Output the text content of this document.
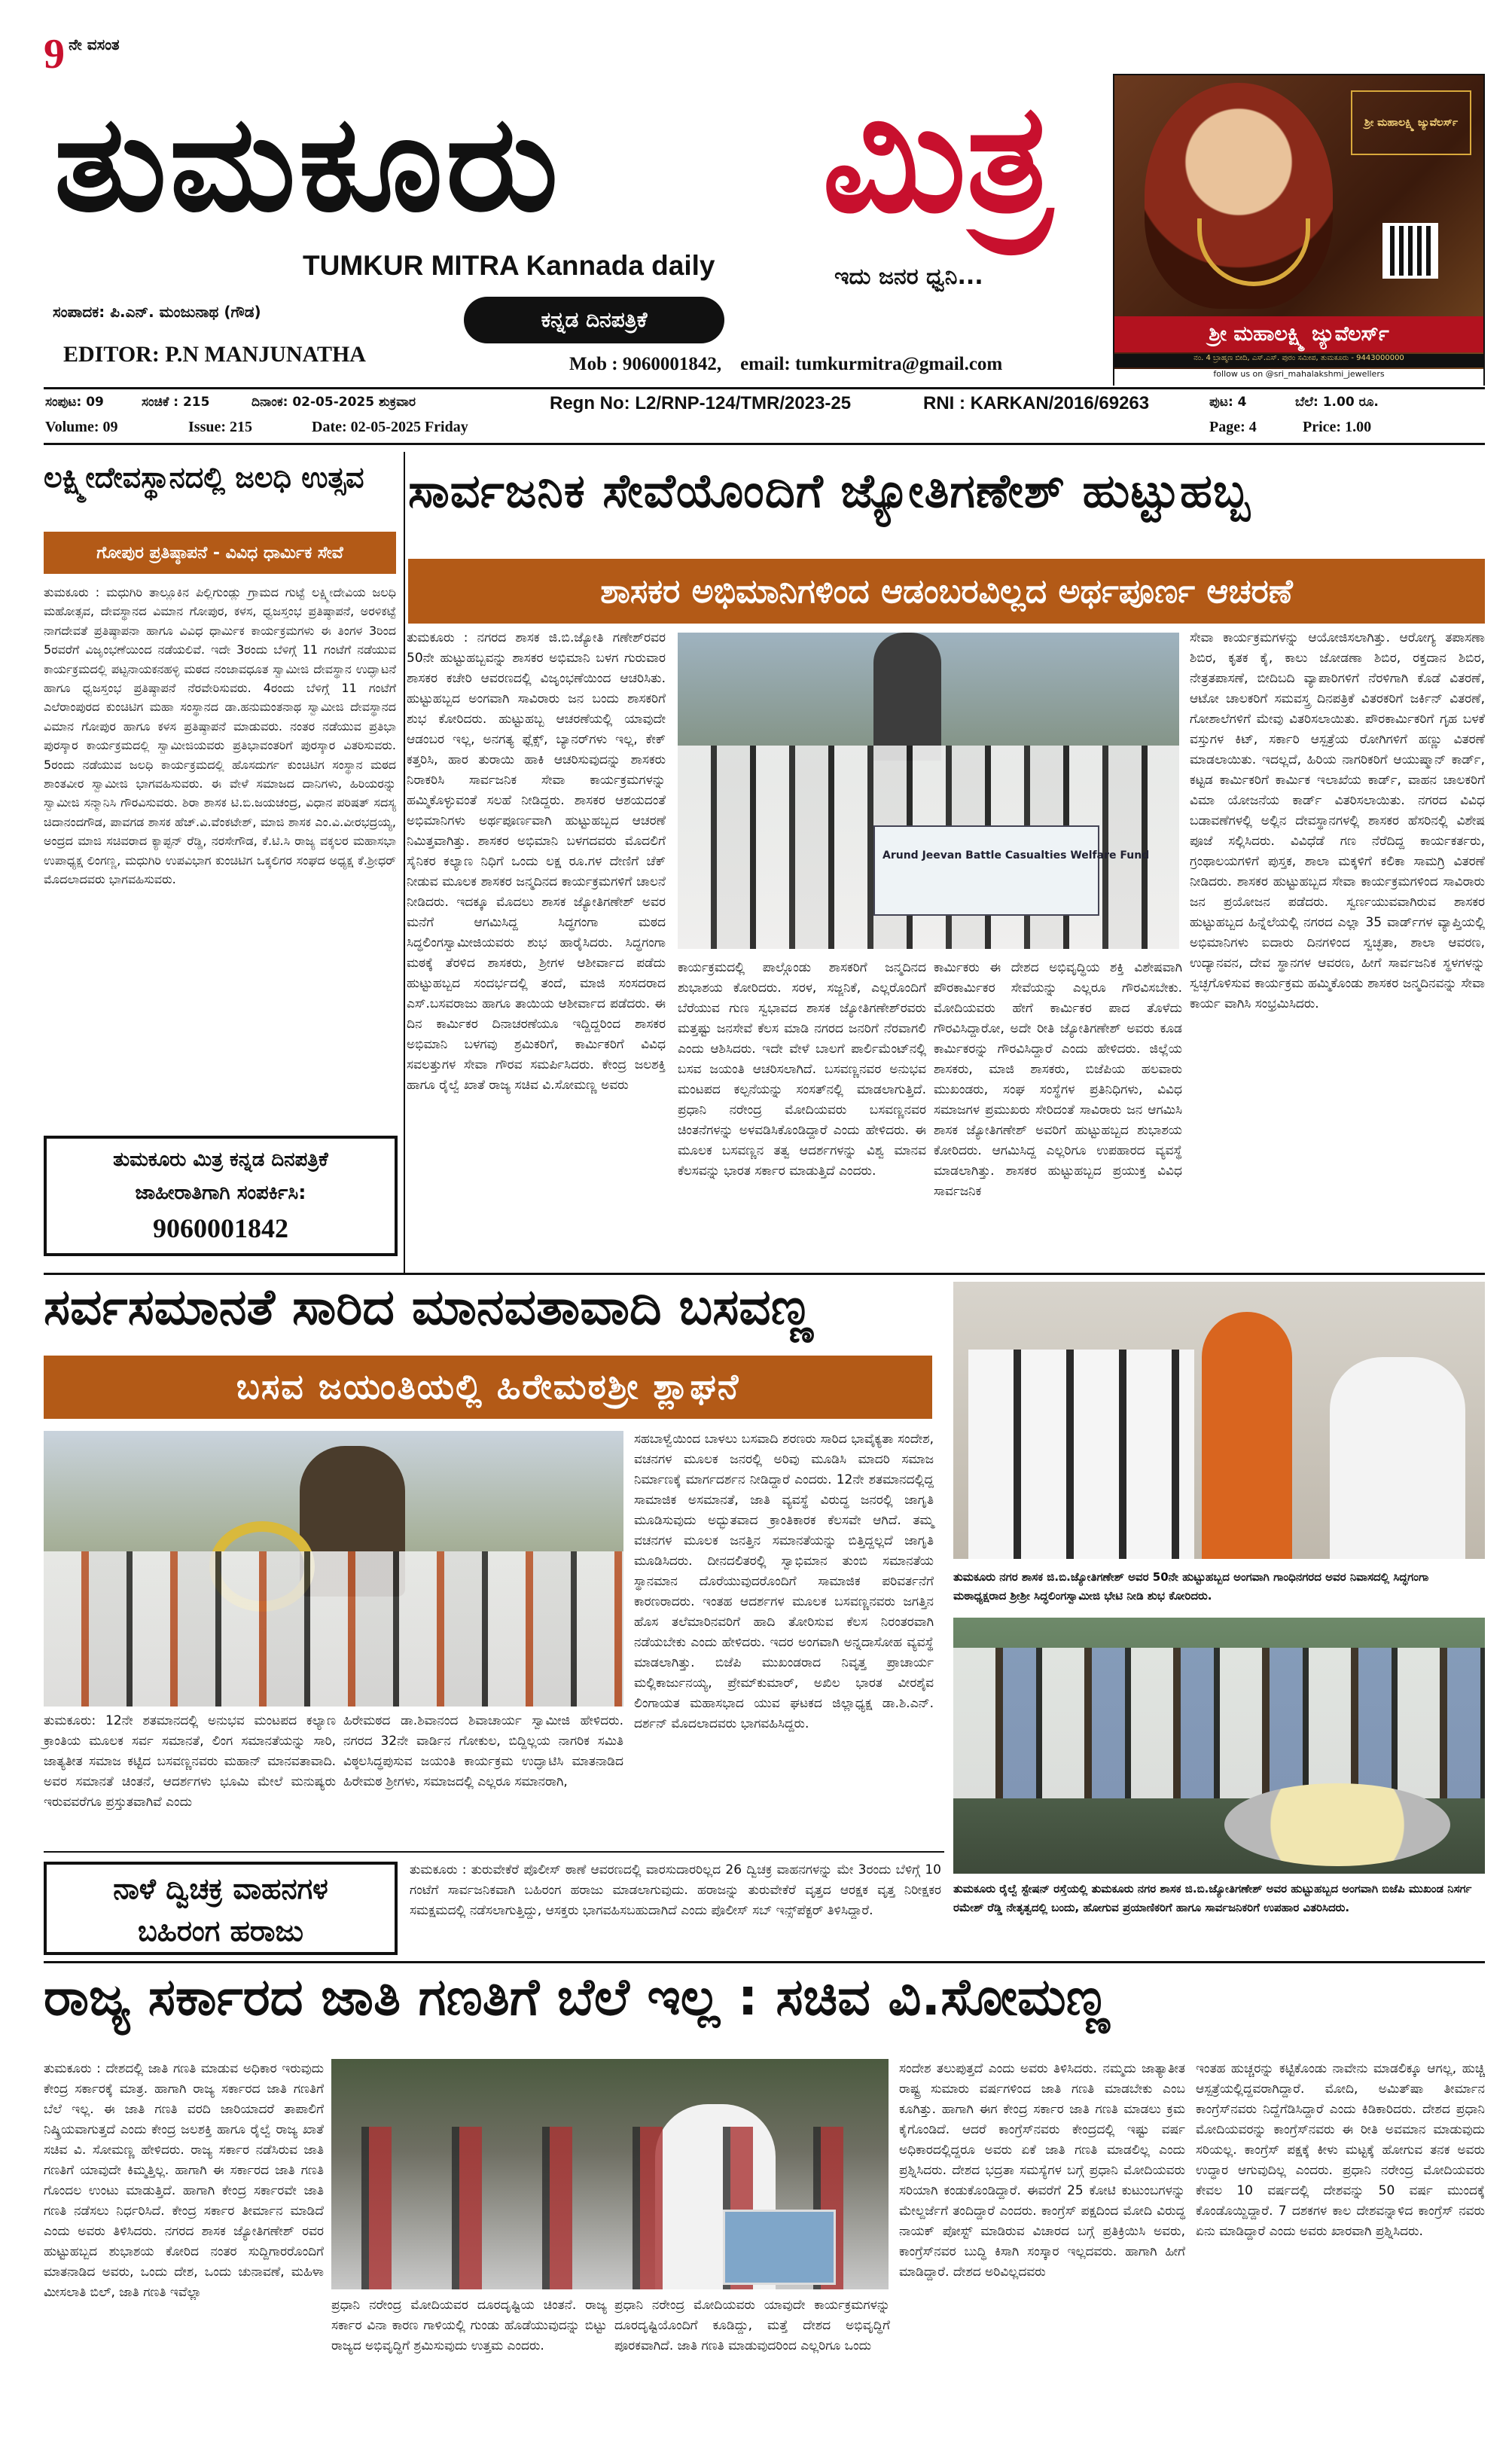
9 ನೇ ವಸಂತ
ತುಮಕೂರು ಮಿತ್ರ
TUMKUR MITRA Kannada daily	ಇದು ಜನರ ಧ್ವನಿ...
ಸಂಪಾದಕ: ಪಿ.ಎನ್. ಮಂಜುನಾಥ (ಗೌಡ)	ಕನ್ನಡ ದಿನಪತ್ರಿಕೆ
EDITOR: P.N MANJUNATHA	Mob : 9060001842,    email: tumkurmitra@gmail.com
ಶ್ರೀ ಮಹಾಲಕ್ಷ್ಮಿ ಜ್ಯುವೆಲರ್ಸ್
ಶ್ರೀ ಮಹಾಲಕ್ಷ್ಮಿ ಜ್ಯುವೆಲರ್ಸ್
ನಂ. 4 ಬ್ರಾಹ್ಮಣ ಬೀದಿ, ಎಸ್.ಎಸ್. ಪುರಂ ಸಮೀಪ, ತುಮಕೂರು - 9443000000
follow us on @sri_mahalakshmi_jewellers
ಸಂಪುಟ: 09	ಸಂಚಿಕೆ : 215	ದಿನಾಂಕ: 02-05-2025 ಶುಕ್ರವಾರ	Regn No: L2/RNP-124/TMR/2023-25	RNI : KARKAN/2016/69263	ಪುಟ: 4	ಬೆಲೆ: 1.00 ರೂ.
Volume: 09	Issue: 215	Date: 02-05-2025 Friday	Page: 4	Price: 1.00
ಲಕ್ಷ್ಮೀದೇವಸ್ಥಾನದಲ್ಲಿ ಜಲಧಿ ಉತ್ಸವ
ಗೋಪುರ ಪ್ರತಿಷ್ಠಾಪನೆ - ವಿವಿಧ ಧಾರ್ಮಿಕ ಸೇವೆ
ತುಮಕೂರು : ಮಧುಗಿರಿ ತಾಲ್ಲೂಕಿನ ಪಿಲ್ಲಿಗುಂಡ್ಲು ಗ್ರಾಮದ ಗುಟ್ಟೆ ಲಕ್ಷ್ಮೀದೇವಿಯ ಜಲಧಿ ಮಹೋತ್ಸವ, ದೇವಸ್ಥಾನದ ವಿಮಾನ ಗೋಪುರ, ಕಳಸ, ಧ್ವಜಸ್ತಂಭ ಪ್ರತಿಷ್ಠಾಪನೆ, ಅರಳಿಕಟ್ಟೆ ನಾಗದೇವತೆ ಪ್ರತಿಷ್ಠಾಪನಾ ಹಾಗೂ ವಿವಿಧ ಧಾರ್ಮಿಕ ಕಾರ್ಯಕ್ರಮಗಳು ಈ ತಿಂಗಳ 3ರಿಂದ 5ರವರೆಗೆ ವಿಜೃಂಭಣೆಯಿಂದ ನಡೆಯಲಿವೆ. ಇದೇ 3ರಂದು ಬೆಳಿಗ್ಗೆ 11 ಗಂಟೆಗೆ ನಡೆಯುವ ಕಾರ್ಯಕ್ರಮದಲ್ಲಿ ಪಟ್ಟನಾಯಕನಹಳ್ಳಿ ಮಠದ ನಂಜಾವಧೂತ ಸ್ವಾಮೀಜಿ ದೇವಸ್ಥಾನ ಉದ್ಘಾಟನೆ ಹಾಗೂ ಧ್ವಜಸ್ತಂಭ ಪ್ರತಿಷ್ಠಾಪನೆ ನೆರವೇರಿಸುವರು. 4ರಂದು ಬೆಳಿಗ್ಗೆ 11 ಗಂಟೆಗೆ ಎಲೆರಾಂಪುರದ ಕುಂಚಿಟಿಗ ಮಹಾ ಸಂಸ್ಥಾನದ ಡಾ.ಹನುಮಂತನಾಥ ಸ್ವಾಮೀಜಿ ದೇವಸ್ಥಾನದ ವಿಮಾನ ಗೋಪುರ ಹಾಗೂ ಕಳಸ ಪ್ರತಿಷ್ಠಾಪನೆ ಮಾಡುವರು. ನಂತರ ನಡೆಯುವ ಪ್ರತಿಭಾ ಪುರಸ್ಕಾರ ಕಾರ್ಯಕ್ರಮದಲ್ಲಿ ಸ್ವಾಮೀಜಿಯವರು ಪ್ರತಿಭಾವಂತರಿಗೆ ಪುರಸ್ಕಾರ ವಿತರಿಸುವರು. 5ರಂದು ನಡೆಯುವ ಜಲಧಿ ಕಾರ್ಯಕ್ರಮದಲ್ಲಿ ಹೊಸದುರ್ಗ ಕುಂಚಿಟಿಗ ಸಂಸ್ಥಾನ ಮಠದ ಶಾಂತವೀರ ಸ್ವಾಮೀಜಿ ಭಾಗವಹಿಸುವರು. ಈ ವೇಳೆ ಸಮಾಜದ ದಾನಿಗಳು, ಹಿರಿಯರನ್ನು ಸ್ವಾಮೀಜಿ ಸನ್ಮಾನಿಸಿ ಗೌರವಿಸುವರು. ಶಿರಾ ಶಾಸಕ ಟಿ.ಬಿ.ಜಯಚಂದ್ರ, ವಿಧಾನ ಪರಿಷತ್ ಸದಸ್ಯ ಚಿದಾನಂದಗೌಡ, ಪಾವಗಡ ಶಾಸಕ ಹೆಚ್.ವಿ.ವೆಂಕಟೇಶ್, ಮಾಜಿ ಶಾಸಕ ಎಂ.ವಿ.ವೀರಭದ್ರಯ್ಯ, ಅಂದ್ರದ ಮಾಜಿ ಸಚಿವರಾದ ಕ್ಯಾಪ್ಟನ್ ರೆಡ್ಡಿ, ನರಸೇಗೌಡ, ಕೆ.ಟಿ.ಸಿ ರಾಜ್ಯ ವಕ್ಕಲರ ಮಹಾಸಭಾ ಉಪಾಧ್ಯಕ್ಷ ಲಿಂಗಣ್ಣ, ಮಧುಗಿರಿ ಉಪವಿಭಾಗ ಕುಂಚಿಟಿಗ ಒಕ್ಕಲಿಗರ ಸಂಘದ ಅಧ್ಯಕ್ಷ ಕೆ.ಶ್ರೀಧರ್ ಮೊದಲಾದವರು ಭಾಗವಹಿಸುವರು.
ತುಮಕೂರು ಮಿತ್ರ ಕನ್ನಡ ದಿನಪತ್ರಿಕೆ
ಜಾಹೀರಾತಿಗಾಗಿ ಸಂಪರ್ಕಿಸಿ:
9060001842
ಸಾರ್ವಜನಿಕ ಸೇವೆಯೊಂದಿಗೆ ಜ್ಯೋತಿಗಣೇಶ್ ಹುಟ್ಟುಹಬ್ಬ
ಶಾಸಕರ ಅಭಿಮಾನಿಗಳಿಂದ ಆಡಂಬರವಿಲ್ಲದ ಅರ್ಥಪೂರ್ಣ ಆಚರಣೆ
ತುಮಕೂರು : ನಗರದ ಶಾಸಕ ಜಿ.ಬಿ.ಜ್ಯೋತಿ ಗಣೇಶ್‌ರವರ 50ನೇ ಹುಟ್ಟುಹಬ್ಬವನ್ನು ಶಾಸಕರ ಅಭಿಮಾನಿ ಬಳಗ ಗುರುವಾರ ಶಾಸಕರ ಕಚೇರಿ ಆವರಣದಲ್ಲಿ ವಿಜೃಂಭಣೆಯಿಂದ ಆಚರಿಸಿತು. ಹುಟ್ಟುಹಬ್ಬದ ಅಂಗವಾಗಿ ಸಾವಿರಾರು ಜನ ಬಂದು ಶಾಸಕರಿಗೆ ಶುಭ ಕೋರಿದರು. ಹುಟ್ಟುಹಬ್ಬ ಆಚರಣೆಯಲ್ಲಿ ಯಾವುದೇ ಆಡಂಬರ ಇಲ್ಲ, ಅನಗತ್ಯ ಫ್ಲೆಕ್ಸ್, ಬ್ಯಾನರ್‌ಗಳು ಇಲ್ಲ, ಕೇಕ್ ಕತ್ತರಿಸಿ, ಹಾರ ತುರಾಯಿ ಹಾಕಿ ಆಚರಿಸುವುದನ್ನು ಶಾಸಕರು ನಿರಾಕರಿಸಿ ಸಾರ್ವಜನಿಕ ಸೇವಾ ಕಾರ್ಯಕ್ರಮಗಳನ್ನು ಹಮ್ಮಿಕೊಳ್ಳುವಂತೆ ಸಲಹೆ ನೀಡಿದ್ದರು. ಶಾಸಕರ ಆಶಯದಂತೆ ಅಭಿಮಾನಿಗಳು ಅರ್ಥಪೂರ್ಣವಾಗಿ ಹುಟ್ಟುಹಬ್ಬದ ಆಚರಣೆ ನಿಮಿತ್ತವಾಗಿತ್ತು. ಶಾಸಕರ ಅಭಿಮಾನಿ ಬಳಗದವರು ಮೊದಲಿಗೆ ಸೈನಿಕರ ಕಲ್ಯಾಣ ನಿಧಿಗೆ ಒಂದು ಲಕ್ಷ ರೂ.ಗಳ ದೇಣಿಗೆ ಚೆಕ್ ನೀಡುವ ಮೂಲಕ ಶಾಸಕರ ಜನ್ಮದಿನದ ಕಾರ್ಯಕ್ರಮಗಳಿಗೆ ಚಾಲನೆ ನೀಡಿದರು. ಇದಕ್ಕೂ ಮೊದಲು ಶಾಸಕ ಜ್ಯೋತಿಗಣೇಶ್ ಅವರ ಮನೆಗೆ ಆಗಮಿಸಿದ್ದ ಸಿದ್ಧಗಂಗಾ ಮಠದ ಸಿದ್ಧಲಿಂಗಸ್ವಾಮೀಜಿಯವರು ಶುಭ ಹಾರೈಸಿದರು. ಸಿದ್ಧಗಂಗಾ ಮಠಕ್ಕೆ ತೆರಳಿದ ಶಾಸಕರು, ಶ್ರೀಗಳ ಆಶೀರ್ವಾದ ಪಡೆದು ಹುಟ್ಟುಹಬ್ಬದ ಸಂದರ್ಭದಲ್ಲಿ ತಂದೆ, ಮಾಜಿ ಸಂಸದರಾದ ಎಸ್.ಬಸವರಾಜು ಹಾಗೂ ತಾಯಿಯ ಆಶೀರ್ವಾದ ಪಡೆದರು. ಈ ದಿನ ಕಾರ್ಮಿಕರ ದಿನಾಚರಣೆಯೂ ಇದ್ದಿದ್ದರಿಂದ ಶಾಸಕರ ಅಭಿಮಾನಿ ಬಳಗವು ಶ್ರಮಿಕರಿಗೆ, ಕಾರ್ಮಿಕರಿಗೆ ವಿವಿಧ ಸವಲತ್ತುಗಳ ಸೇವಾ ಗೌರವ ಸಮರ್ಪಿಸಿದರು. ಕೇಂದ್ರ ಜಲಶಕ್ತಿ ಹಾಗೂ ರೈಲ್ವೆ ಖಾತೆ ರಾಜ್ಯ ಸಚಿವ ವಿ.ಸೋಮಣ್ಣ ಅವರು
Arund Jeevan Battle Casualties Welfare Fund
ಕಾರ್ಯಕ್ರಮದಲ್ಲಿ ಪಾಲ್ಗೊಂಡು ಶಾಸಕರಿಗೆ ಜನ್ಮದಿನದ ಶುಭಾಶಯ ಕೋರಿದರು. ಸರಳ, ಸಜ್ಜನಿಕೆ, ಎಲ್ಲರೊಂದಿಗೆ ಬೆರೆಯುವ ಗುಣ ಸ್ವಭಾವದ ಶಾಸಕ ಜ್ಯೋತಿಗಣೇಶ್‌ರವರು ಮತ್ತಷ್ಟು ಜನಸೇವೆ ಕೆಲಸ ಮಾಡಿ ನಗರದ ಜನರಿಗೆ ನೆರವಾಗಲಿ ಎಂದು ಆಶಿಸಿದರು. ಇದೇ ವೇಳೆ ಬಾಲಗೆ ಪಾರ್ಲಿಮೆಂಟ್‌ನಲ್ಲಿ ಬಸವ ಜಯಂತಿ ಆಚರಿಸಲಾಗಿದೆ. ಬಸವಣ್ಣನವರ ಅನುಭವ ಮಂಟಪದ ಕಲ್ಪನೆಯನ್ನು ಸಂಸತ್‌ನಲ್ಲಿ ಮಾಡಲಾಗುತ್ತಿದೆ. ಪ್ರಧಾನಿ ನರೇಂದ್ರ ಮೋದಿಯವರು ಬಸವಣ್ಣನವರ ಚಿಂತನೆಗಳನ್ನು ಅಳವಡಿಸಿಕೊಂಡಿದ್ದಾರೆ ಎಂದು ಹೇಳಿದರು. ಈ ಮೂಲಕ ಬಸವಣ್ಣನ ತತ್ವ ಆದರ್ಶಗಳನ್ನು ವಿಶ್ವ ಮಾನವ ಕೆಲಸವನ್ನು ಭಾರತ ಸರ್ಕಾರ ಮಾಡುತ್ತಿದೆ ಎಂದರು.
ಕಾರ್ಮಿಕರು ಈ ದೇಶದ ಅಭಿವೃದ್ಧಿಯ ಶಕ್ತಿ ವಿಶೇಷವಾಗಿ ಪೌರಕಾರ್ಮಿಕರ ಸೇವೆಯನ್ನು ಎಲ್ಲರೂ ಗೌರವಿಸಬೇಕು. ಮೋದಿಯವರು ಹೇಗೆ ಕಾರ್ಮಿಕರ ಪಾದ ತೊಳೆದು ಗೌರವಿಸಿದ್ದಾರೋ, ಅದೇ ರೀತಿ ಜ್ಯೋತಿಗಣೇಶ್ ಅವರು ಕೂಡ ಕಾರ್ಮಿಕರನ್ನು ಗೌರವಿಸಿದ್ದಾರೆ ಎಂದು ಹೇಳಿದರು. ಜಿಲ್ಲೆಯ ಶಾಸಕರು, ಮಾಜಿ ಶಾಸಕರು, ಬಿಜೆಪಿಯ ಹಲವಾರು ಮುಖಂಡರು, ಸಂಘ ಸಂಸ್ಥೆಗಳ ಪ್ರತಿನಿಧಿಗಳು, ವಿವಿಧ ಸಮಾಜಗಳ ಪ್ರಮುಖರು ಸೇರಿದಂತೆ ಸಾವಿರಾರು ಜನ ಆಗಮಿಸಿ ಶಾಸಕ ಜ್ಯೋತಿಗಣೇಶ್ ಅವರಿಗೆ ಹುಟ್ಟುಹಬ್ಬದ ಶುಭಾಶಯ ಕೋರಿದರು. ಆಗಮಿಸಿದ್ದ ಎಲ್ಲರಿಗೂ ಉಪಹಾರದ ವ್ಯವಸ್ಥೆ ಮಾಡಲಾಗಿತ್ತು. ಶಾಸಕರ ಹುಟ್ಟುಹಬ್ಬದ ಪ್ರಯುಕ್ತ ವಿವಿಧ ಸಾರ್ವಜನಿಕ
ಸೇವಾ ಕಾರ್ಯಕ್ರಮಗಳನ್ನು ಆಯೋಜಿಸಲಾಗಿತ್ತು. ಆರೋಗ್ಯ ತಪಾಸಣಾ ಶಿಬಿರ, ಕೃತಕ ಕೈ, ಕಾಲು ಜೋಡಣಾ ಶಿಬಿರ, ರಕ್ತದಾನ ಶಿಬಿರ, ನೇತ್ರತಪಾಸಣೆ, ಬೀದಿಬದಿ ವ್ಯಾಪಾರಿಗಳಿಗೆ ನೆರಳಿಗಾಗಿ ಕೊಡೆ ವಿತರಣೆ, ಆಟೋ ಚಾಲಕರಿಗೆ ಸಮವಸ್ತ್ರ ದಿನಪತ್ರಿಕೆ ವಿತರಕರಿಗೆ ಜರ್ಕಿನ್ ವಿತರಣೆ, ಗೋಶಾಲೆಗಳಿಗೆ ಮೇವು ವಿತರಿಸಲಾಯಿತು. ಪೌರಕಾರ್ಮಿಕರಿಗೆ ಗೃಹ ಬಳಕೆ ವಸ್ತುಗಳ ಕಿಟ್, ಸರ್ಕಾರಿ ಆಸ್ಪತ್ರೆಯ ರೋಗಿಗಳಿಗೆ ಹಣ್ಣು ವಿತರಣೆ ಮಾಡಲಾಯಿತು. ಇದಲ್ಲದೆ, ಹಿರಿಯ ನಾಗರಿಕರಿಗೆ ಆಯುಷ್ಮಾನ್ ಕಾರ್ಡ್, ಕಟ್ಟಡ ಕಾರ್ಮಿಕರಿಗೆ ಕಾರ್ಮಿಕ ಇಲಾಖೆಯ ಕಾರ್ಡ್, ವಾಹನ ಚಾಲಕರಿಗೆ ವಿಮಾ ಯೋಜನೆಯ ಕಾರ್ಡ್ ವಿತರಿಸಲಾಯಿತು. ನಗರದ ವಿವಿಧ ಬಡಾವಣೆಗಳಲ್ಲಿ ಅಲ್ಲಿನ ದೇವಸ್ಥಾನಗಳಲ್ಲಿ ಶಾಸಕರ ಹೆಸರಿನಲ್ಲಿ ವಿಶೇಷ ಪೂಜೆ ಸಲ್ಲಿಸಿದರು. ವಿವಿಧೆಡೆ ಗಣ ನೆರೆದಿದ್ದ ಕಾರ್ಯಕರ್ತರು, ಗ್ರಂಥಾಲಯಗಳಿಗೆ ಪುಸ್ತಕ, ಶಾಲಾ ಮಕ್ಕಳಿಗೆ ಕಲಿಕಾ ಸಾಮಗ್ರಿ ವಿತರಣೆ ನೀಡಿದರು. ಶಾಸಕರ ಹುಟ್ಟುಹಬ್ಬದ ಸೇವಾ ಕಾರ್ಯಕ್ರಮಗಳಿಂದ ಸಾವಿರಾರು ಜನ ಪ್ರಯೋಜನ ಪಡೆದರು. ಸ್ವರ್ಣಯುವವಾಗಿರುವ ಶಾಸಕರ ಹುಟ್ಟುಹಬ್ಬದ ಹಿನ್ನೆಲೆಯಲ್ಲಿ ನಗರದ ಎಲ್ಲಾ 35 ವಾರ್ಡ್‌ಗಳ ವ್ಯಾಪ್ತಿಯಲ್ಲಿ ಅಭಿಮಾನಿಗಳು ಐದಾರು ದಿನಗಳಿಂದ ಸ್ವಚ್ಛತಾ, ಶಾಲಾ ಆವರಣ, ಉದ್ಯಾನವನ, ದೇವ ಸ್ಥಾನಗಳ ಆವರಣ, ಹೀಗೆ ಸಾರ್ವಜನಿಕ ಸ್ಥಳಗಳನ್ನು ಸ್ವಚ್ಛಗೊಳಿಸುವ ಕಾರ್ಯಕ್ರಮ ಹಮ್ಮಿಕೊಂಡು ಶಾಸಕರ ಜನ್ಮದಿನವನ್ನು ಸೇವಾ ಕಾರ್ಯ ವಾಗಿಸಿ ಸಂಭ್ರಮಿಸಿದರು.
ಸರ್ವಸಮಾನತೆ ಸಾರಿದ ಮಾನವತಾವಾದಿ ಬಸವಣ್ಣ
ಬಸವ ಜಯಂತಿಯಲ್ಲಿ ಹಿರೇಮಠಶ್ರೀ ಶ್ಲಾಘನೆ
ತುಮಕೂರು: 12ನೇ ಶತಮಾನದಲ್ಲಿ ಅನುಭವ ಮಂಟಪದ ಕಲ್ಯಾಣ ಕ್ರಾಂತಿಯ ಮೂಲಕ ಸರ್ವ ಸಮಾನತೆ, ಲಿಂಗ ಸಮಾನತೆಯನ್ನು ಸಾರಿ, ಜಾತ್ಯತೀತ ಸಮಾಜ ಕಟ್ಟಿದ ಬಸವಣ್ಣನವರು ಮಹಾನ್ ಮಾನವತಾವಾದಿ. ಅವರ ಸಮಾನತೆ ಚಿಂತನೆ, ಆದರ್ಶಗಳು ಭೂಮಿ ಮೇಲೆ ಮನುಷ್ಯರು ಇರುವವರೆಗೂ ಪ್ರಸ್ತುತವಾಗಿವೆ ಎಂದು
ಹಿರೇಮಠದ ಡಾ.ಶಿವಾನಂದ ಶಿವಾಚಾರ್ಯ ಸ್ವಾಮೀಜಿ ಹೇಳಿದರು. ನಗರದ 32ನೇ ವಾರ್ಡಿನ ಗೋಕುಲ, ಬಿದ್ದಿಲ್ಲಯ ನಾಗರಿಕ ಸಮಿತಿ ವಿಠ್ಠಲಸಿದ್ಧಪುಸುವ ಜಯಂತಿ ಕಾರ್ಯಕ್ರಮ ಉದ್ಘಾಟಿಸಿ ಮಾತನಾಡಿದ ಹಿರೇಮಠ ಶ್ರೀಗಳು, ಸಮಾಜದಲ್ಲಿ ಎಲ್ಲರೂ ಸಮಾನರಾಗಿ,
ಸಹಬಾಳ್ವೆಯಿಂದ ಬಾಳಲು ಬಸವಾದಿ ಶರಣರು ಸಾರಿದ ಭಾವೈಕ್ಯತಾ ಸಂದೇಶ, ವಚನಗಳ ಮೂಲಕ ಜನರಲ್ಲಿ ಅರಿವು ಮೂಡಿಸಿ ಮಾದರಿ ಸಮಾಜ ನಿರ್ಮಾಣಕ್ಕೆ ಮಾರ್ಗದರ್ಶನ ನೀಡಿದ್ದಾರೆ ಎಂದರು. 12ನೇ ಶತಮಾನದಲ್ಲಿದ್ದ ಸಾಮಾಜಿಕ ಅಸಮಾನತೆ, ಜಾತಿ ವ್ಯವಸ್ಥೆ ವಿರುದ್ಧ ಜನರಲ್ಲಿ ಜಾಗೃತಿ ಮೂಡಿಸುವುದು ಅದ್ಭುತವಾದ ಕ್ರಾಂತಿಕಾರಕ ಕೆಲಸವೇ ಆಗಿದೆ. ತಮ್ಮ ವಚನಗಳ ಮೂಲಕ ಜನತ್ತಿನ ಸಮಾನತೆಯನ್ನು ಬಿತ್ತಿದ್ದಲ್ಲದೆ ಜಾಗೃತಿ ಮೂಡಿಸಿದರು. ದೀನದಲಿತರಲ್ಲಿ ಸ್ವಾಭಿಮಾನ ತುಂಬಿ ಸಮಾನತೆಯ ಸ್ಥಾನಮಾನ ದೊರೆಯುವುದರೊಂದಿಗೆ ಸಾಮಾಜಿಕ ಪರಿವರ್ತನೆಗೆ ಕಾರಣರಾದರು. ಇಂತಹ ಆದರ್ಶಗಳ ಮೂಲಕ ಬಸವಣ್ಣನವರು ಜಗತ್ತಿನ ಹೊಸ ತಲೆಮಾರಿನವರಿಗೆ ಹಾದಿ ತೋರಿಸುವ ಕೆಲಸ ನಿರಂತರವಾಗಿ ನಡೆಯಬೇಕು ಎಂದು ಹೇಳಿದರು. ಇದರ ಅಂಗವಾಗಿ ಅನ್ನದಾಸೋಹ ವ್ಯವಸ್ಥೆ ಮಾಡಲಾಗಿತ್ತು. ಬಿಜೆಪಿ ಮುಖಂಡರಾದ ನಿವೃತ್ತ ಪ್ರಾಚಾರ್ಯ ಮಲ್ಲಿಕಾರ್ಜುನಯ್ಯ, ಪ್ರೇಮ್‌ಕುಮಾರ್, ಅಖಿಲ ಭಾರತ ವೀರಶೈವ ಲಿಂಗಾಯತ ಮಹಾಸಭಾದ ಯುವ ಘಟಕದ ಜಿಲ್ಲಾಧ್ಯಕ್ಷ ಡಾ.ಶಿ.ಎನ್. ದರ್ಶನ್ ಮೊದಲಾದವರು ಭಾಗವಹಿಸಿದ್ದರು.
ತುಮಕೂರು ನಗರ ಶಾಸಕ ಜಿ.ಬಿ.ಜ್ಯೋತಿಗಣೇಶ್ ಅವರ 50ನೇ ಹುಟ್ಟುಹಬ್ಬದ ಅಂಗವಾಗಿ ಗಾಂಧಿನಗರದ ಅವರ ನಿವಾಸದಲ್ಲಿ ಸಿದ್ಧಗಂಗಾ ಮಠಾಧ್ಯಕ್ಷರಾದ ಶ್ರೀಶ್ರೀ ಸಿದ್ಧಲಿಂಗಸ್ವಾಮೀಜಿ ಭೇಟಿ ನೀಡಿ ಶುಭ ಕೋರಿದರು.
ತುಮಕೂರು ರೈಲ್ವೆ ಸ್ಟೇಷನ್ ರಸ್ತೆಯಲ್ಲಿ ತುಮಕೂರು ನಗರ ಶಾಸಕ ಜಿ.ಬಿ.ಜ್ಯೋತಿಗಣೇಶ್ ಅವರ ಹುಟ್ಟುಹಬ್ಬದ ಅಂಗವಾಗಿ ಬಿಜೆಪಿ ಮುಖಂಡ ನಿಸರ್ಗ ರಮೇಶ್ ರೆಡ್ಡಿ ನೇತೃತ್ವದಲ್ಲಿ ಬಂದು, ಹೋಗುವ ಪ್ರಯಾಣಿಕರಿಗೆ ಹಾಗೂ ಸಾರ್ವಜನಿಕರಿಗೆ ಉಪಹಾರ ವಿತರಿಸಿದರು.
ನಾಳೆ ದ್ವಿಚಕ್ರ ವಾಹನಗಳ
ಬಹಿರಂಗ ಹರಾಜು
ತುಮಕೂರು : ತುರುವೇಕೆರೆ ಪೊಲೀಸ್ ಠಾಣೆ ಆವರಣದಲ್ಲಿ ವಾರಸುದಾರರಿಲ್ಲದ 26 ದ್ವಿಚಕ್ರ ವಾಹನಗಳನ್ನು ಮೇ 3ರಂದು ಬೆಳಿಗ್ಗೆ 10 ಗಂಟೆಗೆ ಸಾರ್ವಜನಿಕವಾಗಿ ಬಹಿರಂಗ ಹರಾಜು ಮಾಡಲಾಗುವುದು. ಹರಾಜನ್ನು ತುರುವೇಕೆರೆ ವೃತ್ತದ ಆರಕ್ಷಕ ವೃತ್ತ ನಿರೀಕ್ಷಕರ ಸಮಕ್ಷಮದಲ್ಲಿ ನಡೆಸಲಾಗುತ್ತಿದ್ದು, ಆಸಕ್ತರು ಭಾಗವಹಿಸಬಹುದಾಗಿದೆ ಎಂದು ಪೊಲೀಸ್ ಸಬ್ ಇನ್ಸ್‌ಪೆಕ್ಟರ್ ತಿಳಿಸಿದ್ದಾರೆ.
ರಾಜ್ಯ ಸರ್ಕಾರದ ಜಾತಿ ಗಣತಿಗೆ ಬೆಲೆ ಇಲ್ಲ : ಸಚಿವ ವಿ.ಸೋಮಣ್ಣ
ತುಮಕೂರು : ದೇಶದಲ್ಲಿ ಜಾತಿ ಗಣತಿ ಮಾಡುವ ಅಧಿಕಾರ ಇರುವುದು ಕೇಂದ್ರ ಸರ್ಕಾರಕ್ಕೆ ಮಾತ್ರ. ಹಾಗಾಗಿ ರಾಜ್ಯ ಸರ್ಕಾರದ ಜಾತಿ ಗಣತಿಗೆ ಬೆಲೆ ಇಲ್ಲ. ಈ ಜಾತಿ ಗಣತಿ ವರದಿ ಜಾರಿಯಾದರೆ ತಾಪಾಲಿಗೆ ನಿಷ್ಕ್ರಿಯವಾಗುತ್ತದೆ ಎಂದು ಕೇಂದ್ರ ಜಲಶಕ್ತಿ ಹಾಗೂ ರೈಲ್ವೆ ರಾಜ್ಯ ಖಾತೆ ಸಚಿವ ವಿ. ಸೋಮಣ್ಣ ಹೇಳಿದರು. ರಾಜ್ಯ ಸರ್ಕಾರ ನಡೆಸಿರುವ ಜಾತಿ ಗಣತಿಗೆ ಯಾವುದೇ ಕಿಮ್ಮತ್ತಿಲ್ಲ. ಹಾಗಾಗಿ ಈ ಸರ್ಕಾರದ ಜಾತಿ ಗಣತಿ ಗೊಂದಲ ಉಂಟು ಮಾಡುತ್ತಿದೆ. ಹಾಗಾಗಿ ಕೇಂದ್ರ ಸರ್ಕಾರವೇ ಜಾತಿ ಗಣತಿ ನಡೆಸಲು ನಿರ್ಧರಿಸಿದೆ. ಕೇಂದ್ರ ಸರ್ಕಾರ ತೀರ್ಮಾನ ಮಾಡಿದೆ ಎಂದು ಅವರು ತಿಳಿಸಿದರು. ನಗರದ ಶಾಸಕ ಜ್ಯೋತಿಗಣೇಶ್ ರವರ ಹುಟ್ಟುಹಬ್ಬದ ಶುಭಾಶಯ ಕೋರಿದ ನಂತರ ಸುದ್ದಿಗಾರರೊಂದಿಗೆ ಮಾತನಾಡಿದ ಅವರು, ಒಂದು ದೇಶ, ಒಂದು ಚುನಾವಣೆ, ಮಹಿಳಾ ಮೀಸಲಾತಿ ಬಿಲ್, ಜಾತಿ ಗಣತಿ ಇವೆಲ್ಲಾ
ಪ್ರಧಾನಿ ನರೇಂದ್ರ ಮೋದಿಯವರ ದೂರದೃಷ್ಟಿಯ ಚಿಂತನೆ. ರಾಜ್ಯ ಸರ್ಕಾರ ವಿನಾ ಕಾರಣ ಗಾಳಿಯಲ್ಲಿ ಗುಂಡು ಹೊಡೆಯುವುದನ್ನು ಬಿಟ್ಟು ರಾಜ್ಯದ ಅಭಿವೃದ್ಧಿಗೆ ಶ್ರಮಿಸುವುದು ಉತ್ತಮ ಎಂದರು.
ಪ್ರಧಾನಿ ನರೇಂದ್ರ ಮೋದಿಯವರು ಯಾವುದೇ ಕಾರ್ಯಕ್ರಮಗಳನ್ನು ದೂರದೃಷ್ಟಿಯೊಂದಿಗೆ ಕೂಡಿದ್ದು, ಮತ್ತೆ ದೇಶದ ಅಭಿವೃದ್ಧಿಗೆ ಪೂರಕವಾಗಿದೆ. ಜಾತಿ ಗಣತಿ ಮಾಡುವುದರಿಂದ ಎಲ್ಲರಿಗೂ ಒಂದು
ಸಂದೇಶ ತಲುಪುತ್ತದೆ ಎಂದು ಅವರು ತಿಳಿಸಿದರು. ನಮ್ಮದು ಜಾತ್ಯಾತೀತ ರಾಷ್ಟ್ರ ಸುಮಾರು ವರ್ಷಗಳಿಂದ ಜಾತಿ ಗಣತಿ ಮಾಡಬೇಕು ಎಂಬ ಕೂಗಿತ್ತು. ಹಾಗಾಗಿ ಈಗ ಕೇಂದ್ರ ಸರ್ಕಾರ ಜಾತಿ ಗಣತಿ ಮಾಡಲು ಕ್ರಮ ಕೈಗೊಂಡಿದೆ. ಆದರೆ ಕಾಂಗ್ರೆಸ್‌ನವರು ಕೇಂದ್ರದಲ್ಲಿ ಇಷ್ಟು ವರ್ಷ ಅಧಿಕಾರದಲ್ಲಿದ್ದರೂ ಅವರು ಏಕೆ ಜಾತಿ ಗಣತಿ ಮಾಡಲಿಲ್ಲ ಎಂದು ಪ್ರಶ್ನಿಸಿದರು. ದೇಶದ ಭದ್ರತಾ ಸಮಸ್ಯೆಗಳ ಬಗ್ಗೆ ಪ್ರಧಾನಿ ಮೋದಿಯವರು ಸರಿಯಾಗಿ ಕಂಡುಕೊಂಡಿದ್ದಾರೆ. ಈವರೆಗೆ 25 ಕೋಟಿ ಕುಟುಂಬಗಳನ್ನು ಮೇಲ್ದರ್ಜೆಗೆ ತಂದಿದ್ದಾರೆ ಎಂದರು. ಕಾಂಗ್ರೆಸ್ ಪಕ್ಷದಿಂದ ಮೋದಿ ವಿರುದ್ಧ ನಾಯಕ್ ಪೋಸ್ಟ್ ಮಾಡಿರುವ ವಿಚಾರದ ಬಗ್ಗೆ ಪ್ರತಿಕ್ರಿಯಿಸಿ ಅವರು, ಕಾಂಗ್ರೆಸ್‌ನವರ ಬುದ್ಧಿ ಕಿಸಾಗಿ ಸಂಸ್ಕಾರ ಇಲ್ಲದವರು. ಹಾಗಾಗಿ ಹೀಗೆ ಮಾಡಿದ್ದಾರೆ. ದೇಶದ ಅರಿವಿಲ್ಲದವರು
ಇಂತಹ ಹುಚ್ಚರನ್ನು ಕಟ್ಟಿಕೊಂಡು ನಾವೇನು ಮಾಡಲಿಕ್ಕೂ ಆಗಲ್ಲ, ಹುಚ್ಚಿ ಆಸ್ಪತ್ರೆಯಲ್ಲಿದ್ದವರಾಗಿದ್ದಾರೆ. ಮೋದಿ, ಅಮಿತ್‌ಷಾ ತೀರ್ಮಾನ ಕಾಂಗ್ರೆಸ್‌ನವರು ನಿದ್ದೆಗೆಡಿಸಿದ್ದಾರೆ ಎಂದು ಕಿಡಿಕಾರಿದರು. ದೇಶದ ಪ್ರಧಾನಿ ಮೋದಿಯವರನ್ನು ಕಾಂಗ್ರೆಸ್‌ನವರು ಈ ರೀತಿ ಅವಮಾನ ಮಾಡುವುದು ಸರಿಯಲ್ಲ. ಕಾಂಗ್ರೆಸ್ ಪಕ್ಷಕ್ಕೆ ಕೀಳು ಮಟ್ಟಕ್ಕೆ ಹೋಗುವ ತನಕ ಅವರು ಉದ್ಧಾರ ಆಗುವುದಿಲ್ಲ ಎಂದರು. ಪ್ರಧಾನಿ ನರೇಂದ್ರ ಮೋದಿಯವರು ಕೇವಲ 10 ವರ್ಷದಲ್ಲಿ ದೇಶವನ್ನು 50 ವರ್ಷ ಮುಂದಕ್ಕೆ ಕೊಂಡೊಯ್ದಿದ್ದಾರೆ. 7 ದಶಕಗಳ ಕಾಲ ದೇಶವನ್ನಾಳಿದ ಕಾಂಗ್ರೆಸ್ ನವರು ಏನು ಮಾಡಿದ್ದಾರೆ ಎಂದು ಅವರು ಖಾರವಾಗಿ ಪ್ರಶ್ನಿಸಿದರು.
